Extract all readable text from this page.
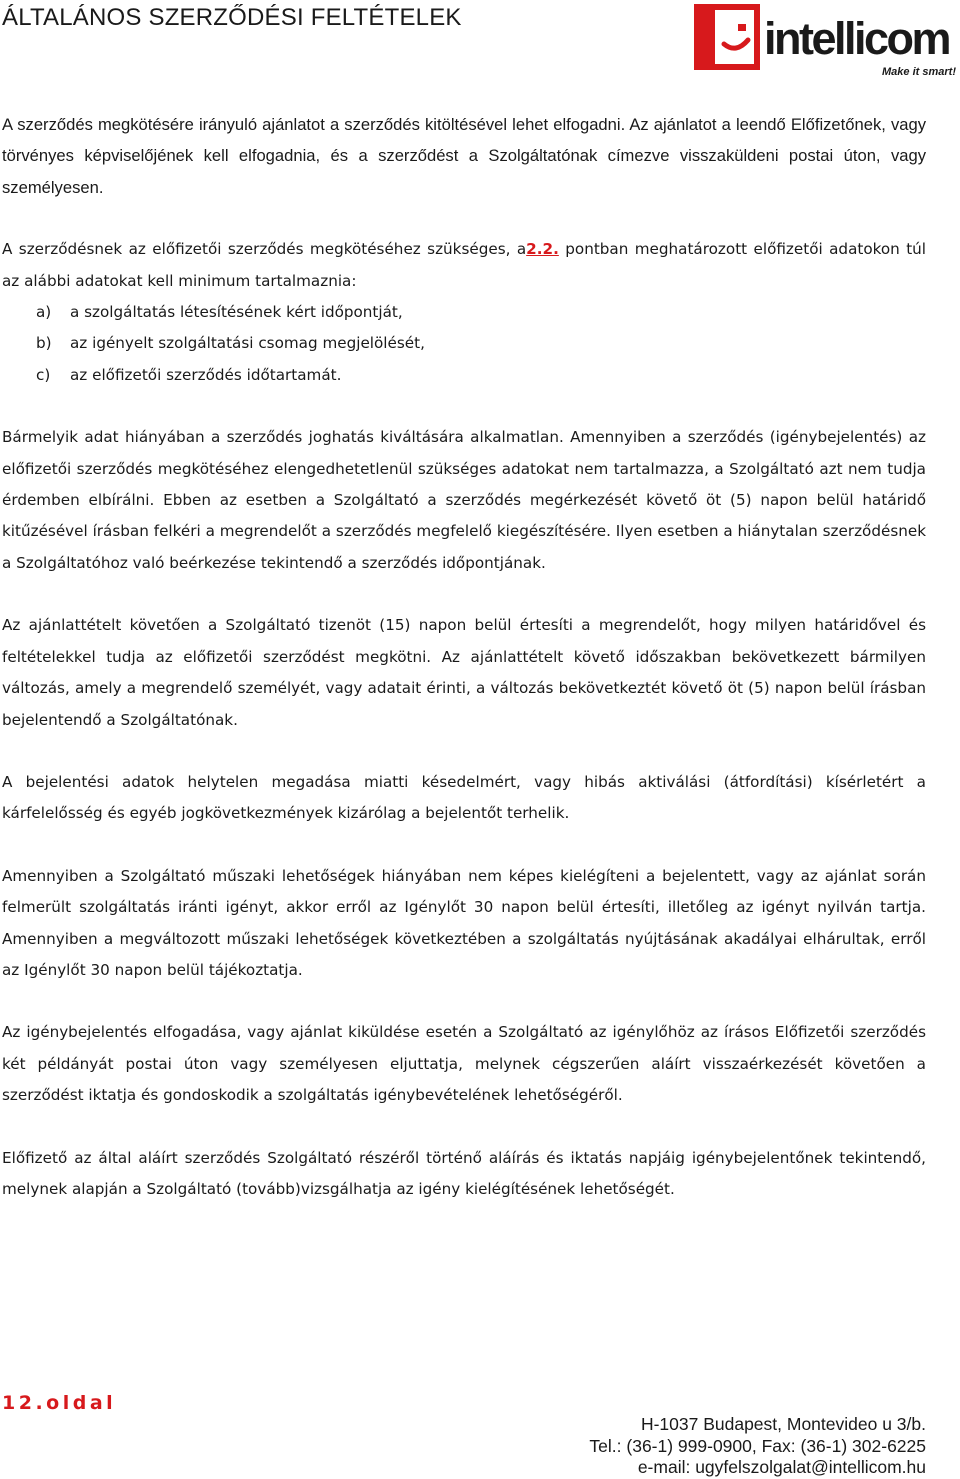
ÁLTALÁNOS SZERZŐDÉSI FELTÉTELEK	intellicom
Make it smart!

A szerződés megkötésére irányuló ajánlatot a szerződés kitöltésével lehet elfogadni. Az ajánlatot a leendő Előfizetőnek, vagy törvényes képviselőjének kell elfogadnia, és a szerződést a Szolgáltatónak címezve visszaküldeni postai úton, vagy személyesen.

A szerződésnek az előfizetői szerződés megkötéséhez szükséges, a2.2. pontban meghatározott előfizetői adatokon túl az alábbi adatokat kell minimum tartalmaznia:

a) a szolgáltatás létesítésének kért időpontját,
b) az igényelt szolgáltatási csomag megjelölését,
c) az előfizetői szerződés időtartamát.

Bármelyik adat hiányában a szerződés joghatás kiváltására alkalmatlan. Amennyiben a szerződés (igénybejelentés) az előfizetői szerződés megkötéséhez elengedhetetlenül szükséges adatokat nem tartalmazza, a Szolgáltató azt nem tudja érdemben elbírálni. Ebben az esetben a Szolgáltató a szerződés megérkezését követő öt (5) napon belül határidő kitűzésével írásban felkéri a megrendelőt a szerződés megfelelő kiegészítésére. Ilyen esetben a hiánytalan szerződésnek a Szolgáltatóhoz való beérkezése tekintendő a szerződés időpontjának.

Az ajánlattételt követően a Szolgáltató tizenöt (15) napon belül értesíti a megrendelőt, hogy milyen határidővel és feltételekkel tudja az előfizetői szerződést megkötni. Az ajánlattételt követő időszakban bekövetkezett bármilyen változás, amely a megrendelő személyét, vagy adatait érinti, a változás bekövetkeztét követő öt (5) napon belül írásban bejelentendő a Szolgáltatónak.

A bejelentési adatok helytelen megadása miatti késedelmért, vagy hibás aktiválási (átfordítási) kísérletért a kárfelelősség és egyéb jogkövetkezmények kizárólag a bejelentőt terhelik.

Amennyiben a Szolgáltató műszaki lehetőségek hiányában nem képes kielégíteni a bejelentett, vagy az ajánlat során felmerült szolgáltatás iránti igényt, akkor erről az Igénylőt 30 napon belül értesíti, illetőleg az igényt nyilván tartja. Amennyiben a megváltozott műszaki lehetőségek következtében a szolgáltatás nyújtásának akadályai elhárultak, erről az Igénylőt 30 napon belül tájékoztatja.

Az igénybejelentés elfogadása, vagy ajánlat kiküldése esetén a Szolgáltató az igénylőhöz az írásos Előfizetői szerződés két példányát postai úton vagy személyesen eljuttatja, melynek cégszerűen aláírt visszaérkezését követően a szerződést iktatja és gondoskodik a szolgáltatás igénybevételének lehetőségéről.

Előfizető az által aláírt szerződés Szolgáltató részéről történő aláírás és iktatás napjáig igénybejelentőnek tekintendő, melynek alapján a Szolgáltató (tovább)vizsgálhatja az igény kielégítésének lehetőségét.

12.oldal
H-1037 Budapest, Montevideo u 3/b.
Tel.: (36-1) 999-0900, Fax: (36-1) 302-6225
e-mail: ugyfelszolgalat@intellicom.hu
